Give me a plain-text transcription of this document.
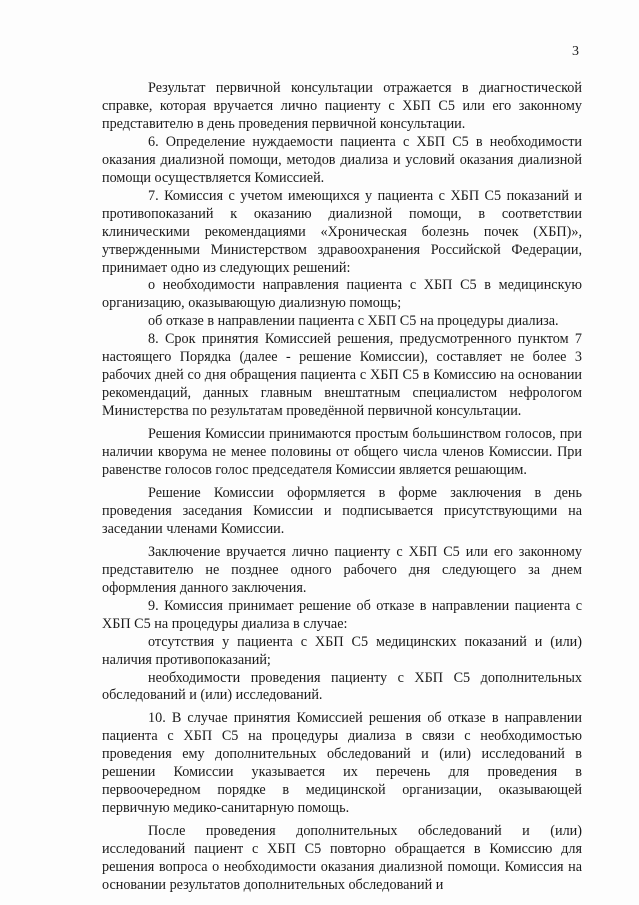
3

Результат первичной консультации отражается в диагностической справке, которая вручается лично пациенту с ХБП С5 или его законному представителю в день проведения первичной консультации.

6. Определение нуждаемости пациента с ХБП С5 в необходимости оказания диализной помощи, методов диализа и условий оказания диализной помощи осуществляется Комиссией.

7. Комиссия с учетом имеющихся у пациента с ХБП С5 показаний и противопоказаний к оказанию диализной помощи, в соответствии клиническими рекомендациями «Хроническая болезнь почек (ХБП)», утвержденными Министерством здравоохранения Российской Федерации, принимает одно из следующих решений:

о необходимости направления пациента с ХБП С5 в медицинскую организацию, оказывающую диализную помощь;

об отказе в направлении пациента с ХБП С5 на процедуры диализа.

8. Срок принятия Комиссией решения, предусмотренного пунктом 7 настоящего Порядка (далее - решение Комиссии), составляет не более 3 рабочих дней со дня обращения пациента с ХБП С5 в Комиссию на основании рекомендаций, данных главным внештатным специалистом нефрологом Министерства по результатам проведённой первичной консультации.

Решения Комиссии принимаются простым большинством голосов, при наличии кворума не менее половины от общего числа членов Комиссии. При равенстве голосов голос председателя Комиссии является решающим.

Решение Комиссии оформляется в форме заключения в день проведения заседания Комиссии и подписывается присутствующими на заседании членами Комиссии.

Заключение вручается лично пациенту с ХБП С5 или его законному представителю не позднее одного рабочего дня следующего за днем оформления данного заключения.

9. Комиссия принимает решение об отказе в направлении пациента с ХБП С5 на процедуры диализа в случае:

отсутствия у пациента с ХБП С5 медицинских показаний и (или) наличия противопоказаний;

необходимости проведения пациенту с ХБП С5 дополнительных обследований и (или) исследований.

10. В случае принятия Комиссией решения об отказе в направлении пациента с ХБП С5 на процедуры диализа в связи с необходимостью проведения ему дополнительных обследований и (или) исследований в решении Комиссии указывается их перечень для проведения в первоочередном порядке в медицинской организации, оказывающей первичную медико-санитарную помощь.

После проведения дополнительных обследований и (или) исследований пациент с ХБП С5 повторно обращается в Комиссию для решения вопроса о необходимости оказания диализной помощи. Комиссия на основании результатов дополнительных обследований и
